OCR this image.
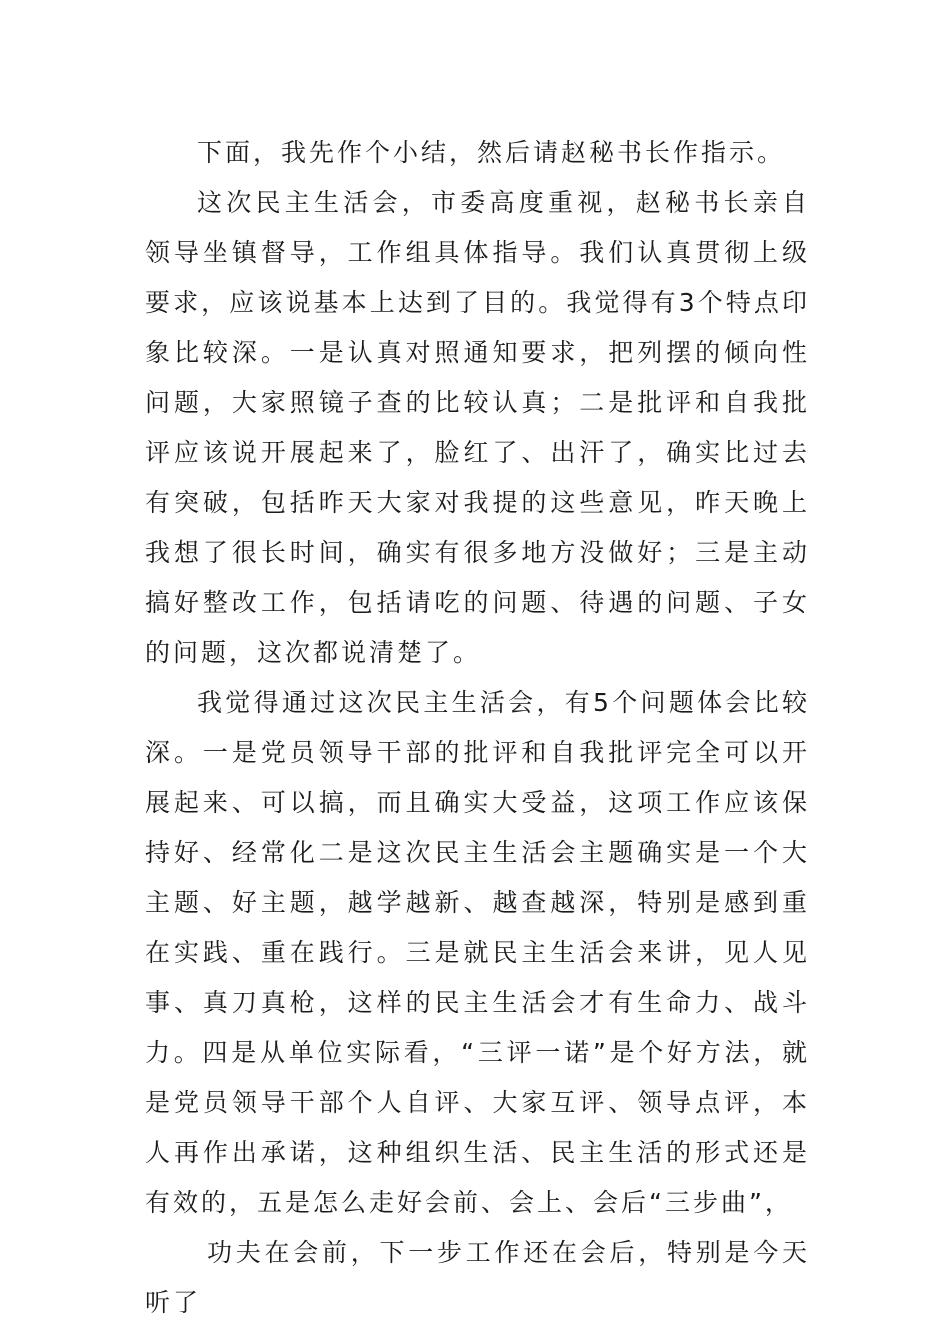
下面，我先作个小结，然后请赵秘书长作指示。

这次民主生活会，市委高度重视，赵秘书长亲自领导坐镇督导，工作组具体指导。我们认真贯彻上级要求，应该说基本上达到了目的。我觉得有3个特点印象比较深。一是认真对照通知要求，把列摆的倾向性问题，大家照镜子查的比较认真；二是批评和自我批评应该说开展起来了，脸红了、出汗了，确实比过去有突破，包括昨天大家对我提的这些意见，昨天晚上我想了很长时间，确实有很多地方没做好；三是主动搞好整改工作，包括请吃的问题、待遇的问题、子女的问题，这次都说清楚了。

我觉得通过这次民主生活会，有5个问题体会比较深。一是党员领导干部的批评和自我批评完全可以开展起来、可以搞，而且确实大受益，这项工作应该保持好、经常化二是这次民主生活会主题确实是一个大主题、好主题，越学越新、越查越深，特别是感到重在实践、重在践行。三是就民主生活会来讲，见人见事、真刀真枪，这样的民主生活会才有生命力、战斗力。四是从单位实际看，“三评一诺”是个好方法，就是党员领导干部个人自评、大家互评、领导点评，本人再作出承诺，这种组织生活、民主生活的形式还是有效的，五是怎么走好会前、会上、会后“三步曲”，

功夫在会前，下一步工作还在会后，特别是今天听了
